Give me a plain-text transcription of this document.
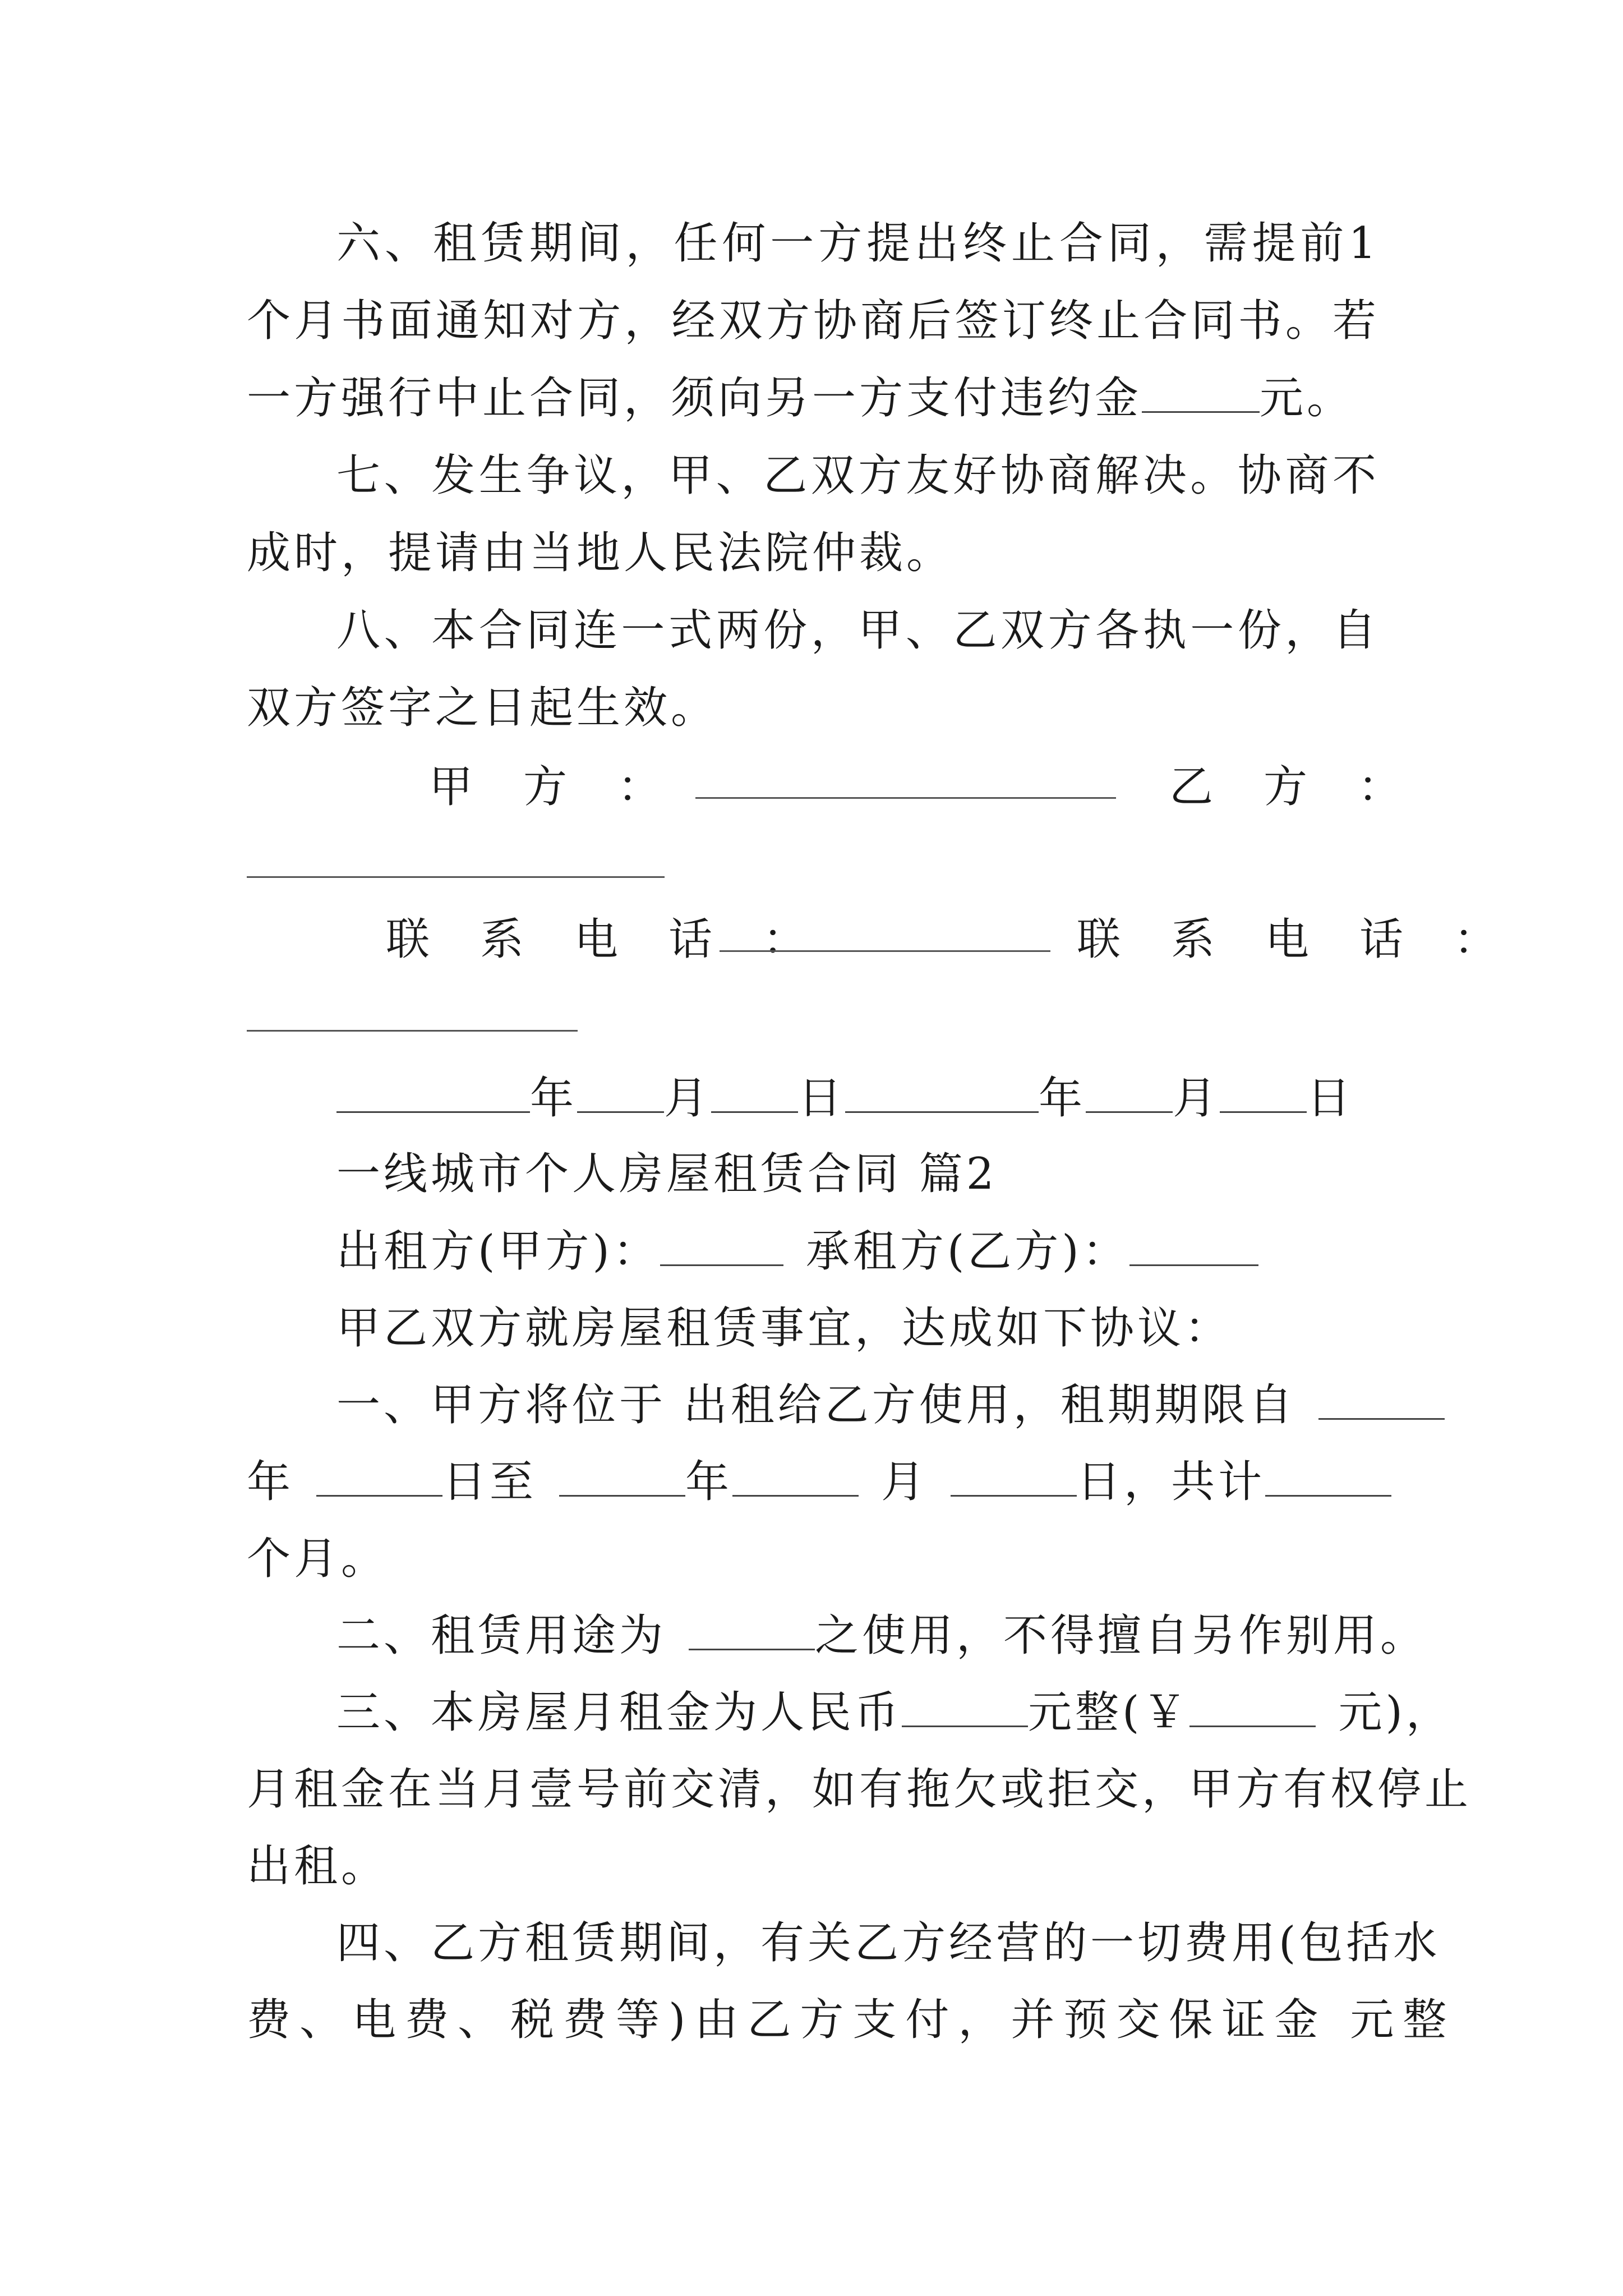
六、租赁期间，任何一方提出终止合同，需提前1个月书面通知对方，经双方协商后签订终止合同书。若一方强行中止合同，须向另一方支付违约金	元。

七、发生争议，甲、乙双方友好协商解决。协商不成时，提请由当地人民法院仲裁。

八、本合同连一式两份，甲、乙双方各执一份，自双方签字之日起生效。

甲　方　：	乙　方　：
联　系　电　话　：	联　系　电　话　：
年 月 日	年 月 日
一线城市个人房屋租赁合同 篇2
出租方(甲方)：	承租方(乙方)：
甲乙双方就房屋租赁事宜，达成如下协议：
一、甲方将位于 出租给乙方使用，租期期限自
年	日至	年	月	日，共计
个月。
二、租赁用途为	之使用，不得擅自另作别用。
三、本房屋月租金为人民币	元整(￥	元)，
月租金在当月壹号前交清，如有拖欠或拒交，甲方有权停止
出租。
四、乙方租赁期间，有关乙方经营的一切费用(包括水
费、电费、税费等)由乙方支付，并预交保证金 元整
